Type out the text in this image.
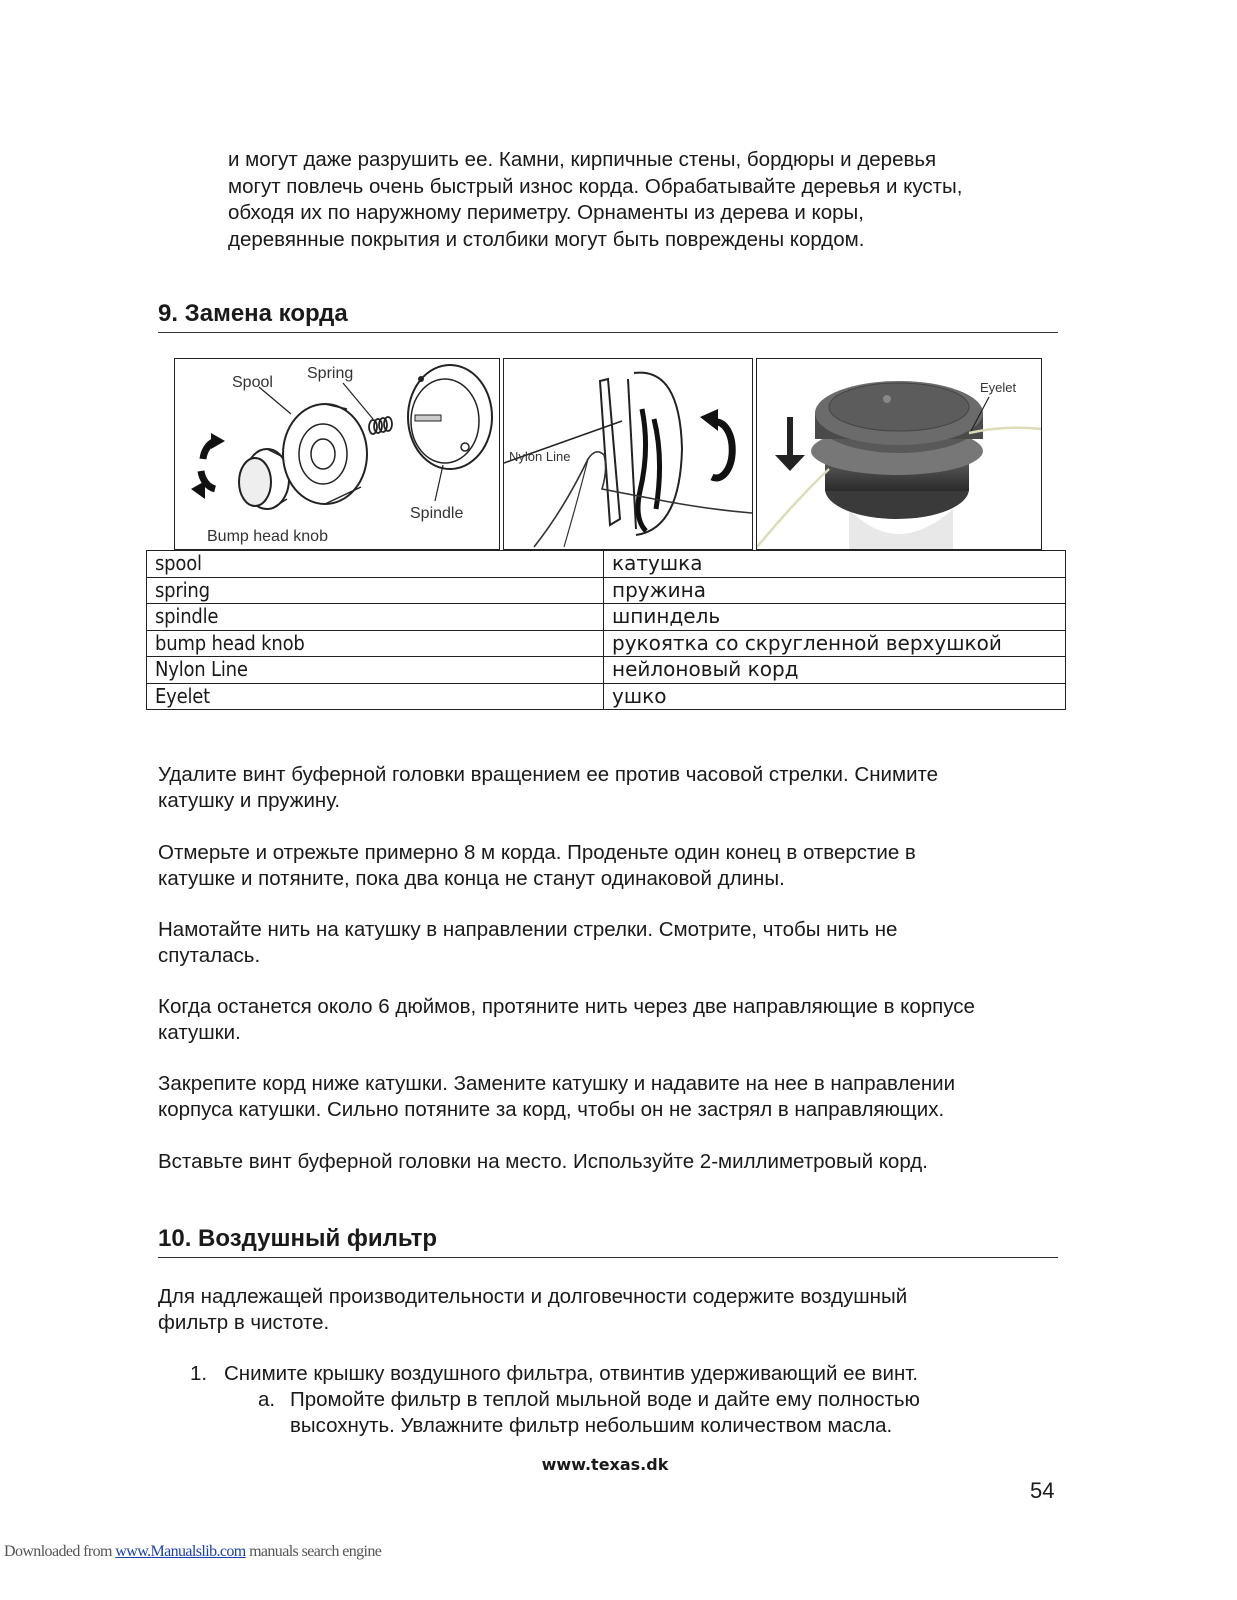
и могут даже разрушить ее. Камни, кирпичные стены, бордюры и деревья
могут повлечь очень быстрый износ корда. Обрабатывайте деревья и кусты,
обходя их по наружному периметру. Орнаменты из дерева и коры,
деревянные покрытия и столбики могут быть повреждены кордом.

9. Замена корда
Spool
Spring
Spindle
Bump head knob
Nylon Line
Eyelet
spool	катушка
spring	пружина
spindle	шпиндель
bump head knob	рукоятка со скругленной верхушкой
Nylon Line	нейлоновый корд
Eyelet	ушко

Удалите винт буферной головки вращением ее против часовой стрелки. Снимите
катушку и пружину.

Отмерьте и отрежьте примерно 8 м корда. Проденьте один конец в отверстие в
катушке и потяните, пока два конца не станут одинаковой длины.

Намотайте нить на катушку в направлении стрелки. Смотрите, чтобы нить не
спуталась.

Когда останется около 6 дюймов, протяните нить через две направляющие в корпусе
катушки.

Закрепите корд ниже катушки. Замените катушку и надавите на нее в направлении
корпуса катушки. Сильно потяните за корд, чтобы он не застрял в направляющих.

Вставьте винт буферной головки на место. Используйте 2-миллиметровый корд.

10. Воздушный фильтр

Для надлежащей производительности и долговечности содержите воздушный
фильтр в чистоте.

1. Снимите крышку воздушного фильтра, отвинтив удерживающий ее винт.
a. Промойте фильтр в теплой мыльной воде и дайте ему полностью
высохнуть. Увлажните фильтр небольшим количеством масла.
www.texas.dk
54
Downloaded from www.Manualslib.com manuals search engine
